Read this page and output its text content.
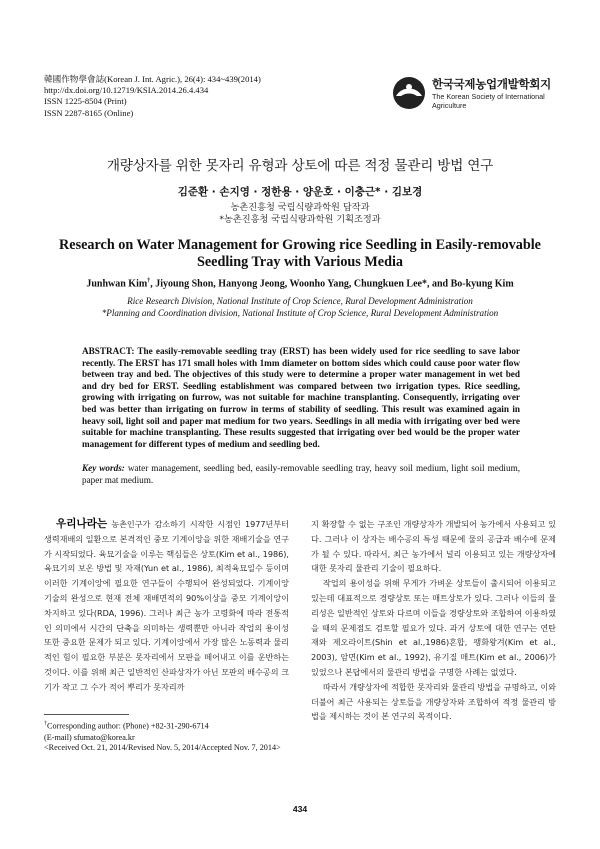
韓國作物學會誌(Korean J. Int. Agric.), 26(4): 434~439(2014)
http://dx.doi.org/10.12719/KSIA.2014.26.4.434
ISSN 1225-8504 (Print)
ISSN 2287-8165 (Online)
한국국제농업개발학회지
The Korean Society of International Agriculture
개량상자를 위한 못자리 유형과 상토에 따른 적정 물관리 방법 연구
김준환 · 손지영 · 정한용 · 양운호 · 이충근* · 김보경
농촌진흥청 국립식량과학원 답작과
*농촌진흥청 국립식량과학원 기획조정과
Research on Water Management for Growing rice Seedling in Easily-removable
Seedling Tray with Various Media
Junhwan Kim†, Jiyoung Shon, Hanyong Jeong, Woonho Yang, Chungkuen Lee*, and Bo-kyung Kim
Rice Research Division, National Institute of Crop Science, Rural Development Administration
*Planning and Coordination division, National Institute of Crop Science, Rural Development Administration
ABSTRACT: The easily-removable seedling tray (ERST) has been widely used for rice seedling to save labor recently. The ERST has 171 small holes with 1mm diameter on bottom sides which could cause poor water flow between tray and bed. The objectives of this study were to determine a proper water management in wet bed and dry bed for ERST. Seedling establishment was compared between two irrigation types. Rice seedling, growing with irrigating on furrow, was not suitable for machine transplanting. Consequently, irrigating over bed was better than irrigating on furrow in terms of stability of seedling. This result was examined again in heavy soil, light soil and paper mat medium for two years. Seedlings in all media with irrigating over bed were suitable for machine transplanting. These results suggested that irrigating over bed would be the proper water management for different types of medium and seedling bed.
Key words: water management, seedling bed, easily-removable seedling tray, heavy soil medium, light soil medium, paper mat medium.

우리나라는 농촌인구가 감소하기 시작한 시점인 1977년부터 생력재배의 일환으로 본격적인 중모 기계이앙을 위한 재배기술을 연구가 시작되었다. 육묘기술을 이루는 핵심들은 상토(Kim et al., 1986), 육묘기의 보온 방법 및 자재(Yun et al., 1986), 최적육묘일수 등이며 이러한 기계이앙에 필요한 연구들이 수행되어 완성되었다. 기계이앙 기술의 완성으로 현재 전체 재배면적의 90%이상을 중모 기계이앙이 차지하고 있다(RDA, 1996). 그러나 최근 농가 고령화에 따라 전통적인 의미에서 시간의 단축을 의미하는 생력뿐만 아니라 작업의 용이성 또한 중요한 문제가 되고 있다. 기계이앙에서 가장 많은 노동력과 물리적인 힘이 필요한 부분은 못자리에서 모판을 떼어내고 이를 운반하는 것이다. 이를 위해 최근 일반적인 산파상자가 아닌 모판의 배수공의 크기가 작고 그 수가 적어 뿌리가 못자리까

지 확장할 수 없는 구조인 개량상자가 개발되어 농가에서 사용되고 있다. 그러나 이 상자는 배수공의 특성 때문에 물의 공급과 배수에 문제가 될 수 있다. 따라서, 최근 농가에서 널리 이용되고 있는 개량상자에 대한 못자리 물관리 기술이 필요하다.

작업의 용이성을 위해 무게가 가벼운 상토들이 출시되어 이용되고 있는데 대표적으로 경량상토 또는 매트상토가 있다. 그러나 이들의 물리성은 일반적인 상토와 다르며 이들을 경량상토와 조합하여 이용하였을 때의 문제점도 검토할 필요가 있다. 과거 상토에 대한 연구는 연탄재와 제오라이트(Shin et al.,1986)혼합, 팽화왕겨(Kim et al., 2003), 암면(Kim et al., 1992), 유기질 매트(Kim et al., 2006)가 있었으나 본답에서의 물관리 방법을 구명한 사례는 없었다.

따라서 개량상자에 적합한 못자리와 물관리 방법을 규명하고, 이와 더불어 최근 사용되는 상토들을 개량상자와 조합하여 적정 물관리 방법을 제시하는 것이 본 연구의 목적이다.

†Corresponding author: (Phone) +82-31-290-6714
(E-mail) sfumato@korea.kr
<Received Oct. 21, 2014/Revised Nov. 5, 2014/Accepted Nov. 7, 2014>
434
